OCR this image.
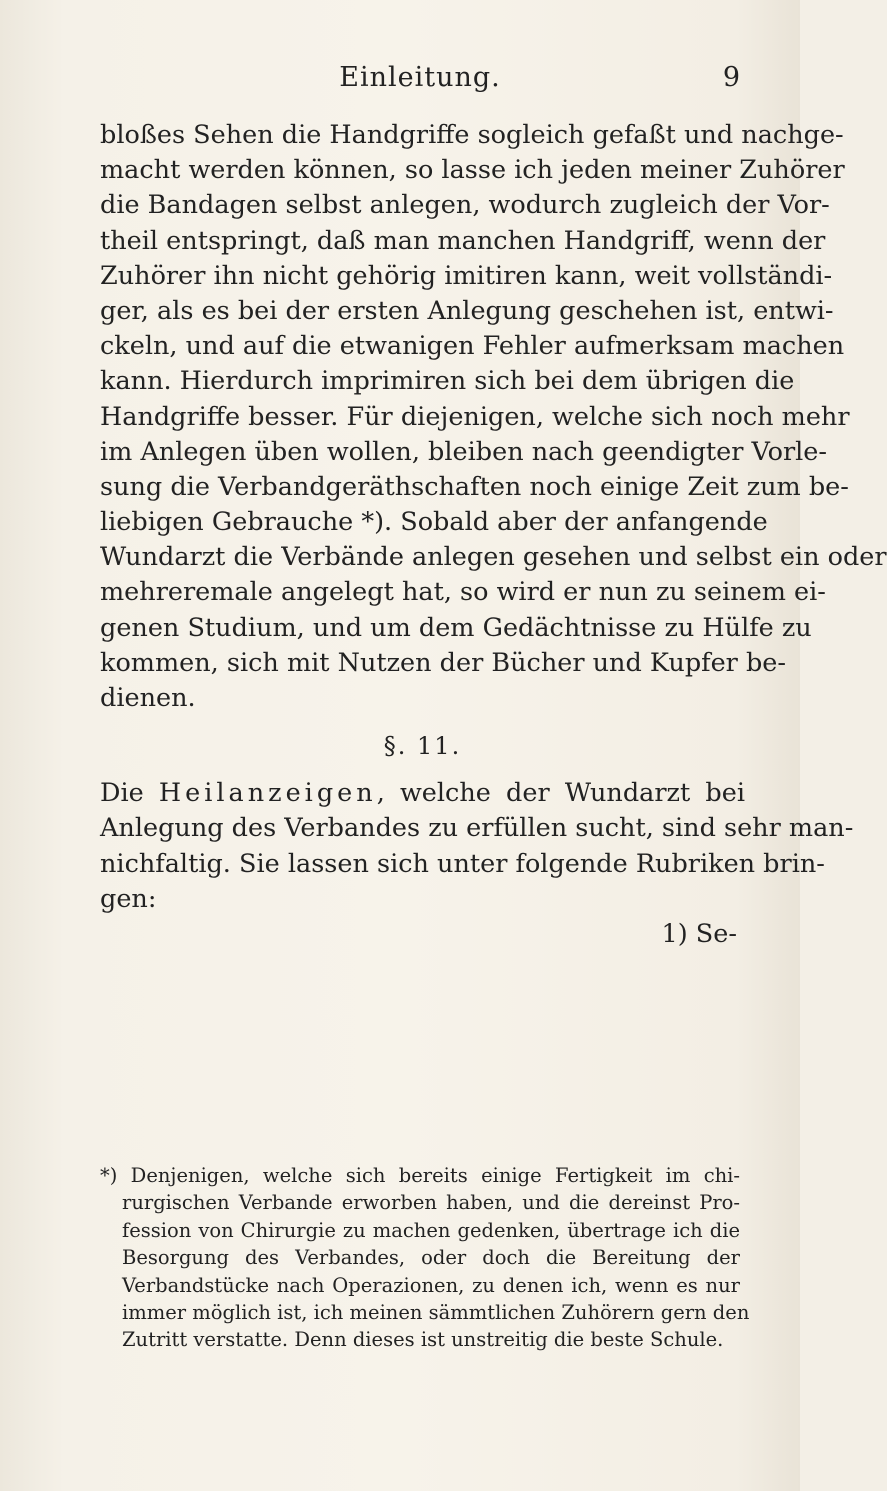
Einleitung.	9
bloßes Sehen die Handgriffe sogleich gefaßt und nachge-
macht werden können, so lasse ich jeden meiner Zuhörer
die Bandagen selbst anlegen, wodurch zugleich der Vor-
theil entspringt, daß man manchen Handgriff, wenn der
Zuhörer ihn nicht gehörig imitiren kann, weit vollständi-
ger, als es bei der ersten Anlegung geschehen ist, entwi-
ckeln, und auf die etwanigen Fehler aufmerksam machen
kann. Hierdurch imprimiren sich bei dem übrigen die
Handgriffe besser. Für diejenigen, welche sich noch mehr
im Anlegen üben wollen, bleiben nach geendigter Vorle-
sung die Verbandgeräthschaften noch einige Zeit zum be-
liebigen Gebrauche *). Sobald aber der anfangende
Wundarzt die Verbände anlegen gesehen und selbst ein oder
mehreremale angelegt hat, so wird er nun zu seinem ei-
genen Studium, und um dem Gedächtnisse zu Hülfe zu
kommen, sich mit Nutzen der Bücher und Kupfer be-
dienen.
§. 11.
Die Heilanzeigen, welche der Wundarzt bei
Anlegung des Verbandes zu erfüllen sucht, sind sehr man-
nichfaltig. Sie lassen sich unter folgende Rubriken brin-
gen:
1) Se-
*) Denjenigen, welche sich bereits einige Fertigkeit im chi-
rurgischen Verbande erworben haben, und die dereinst Pro-
fession von Chirurgie zu machen gedenken, übertrage ich die
Besorgung des Verbandes, oder doch die Bereitung der
Verbandstücke nach Operazionen, zu denen ich, wenn es nur
immer möglich ist, ich meinen sämmtlichen Zuhörern gern den
Zutritt verstatte. Denn dieses ist unstreitig die beste Schule.
